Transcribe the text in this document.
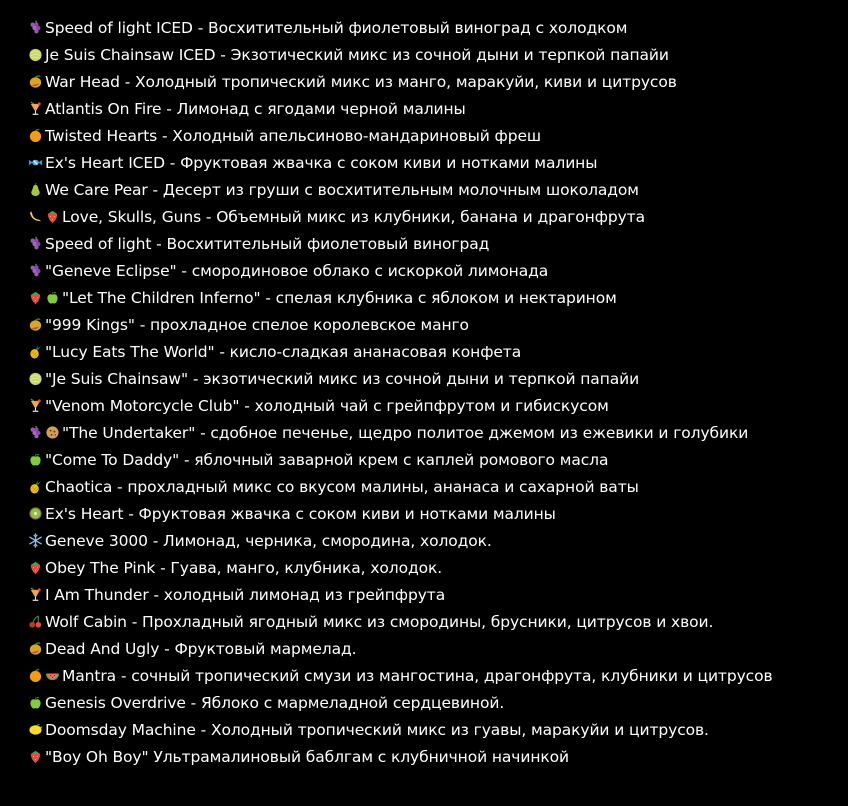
Speed of light ICED - Восхитительный фиолетовый виноград с холодком
Je Suis Chainsaw ICED - Экзотический микс из сочной дыни и терпкой папайи
War Head - Холодный тропический микс из манго, маракуйи, киви и цитрусов
Atlantis On Fire - Лимонад с ягодами черной малины
Twisted Hearts - Холодный апельсиново-мандариновый фреш
Ex's Heart ICED - Фруктовая жвачка с соком киви и нотками малины
We Care Pear - Десерт из груши с восхитительным молочным шоколадом
Love, Skulls, Guns - Объемный микс из клубники, банана и драгонфрута
Speed of light - Восхитительный фиолетовый виноград
"Geneve Eclipse" - смородиновое облако с искоркой лимонада
"Let The Children Inferno" - спелая клубника с яблоком и нектарином
"999 Kings" - прохладное спелое королевское манго
"Lucy Eats The World" - кисло-сладкая ананасовая конфета
"Je Suis Chainsaw" - экзотический микс из сочной дыни и терпкой папайи
"Venom Motorcycle Club" - холодный чай с грейпфрутом и гибискусом
"The Undertaker" - сдобное печенье, щедро политое джемом из ежевики и голубики
"Come To Daddy" - яблочный заварной крем с каплей ромового масла
Chaotica - прохладный микс со вкусом малины, ананаса и сахарной ваты
Ex's Heart - Фруктовая жвачка с соком киви и нотками малины
Geneve 3000 - Лимонад, черника, смородина, холодок.
Obey The Pink - Гуава, манго, клубника, холодок.
I Am Thunder - холодный лимонад из грейпфрута
Wolf Cabin - Прохладный ягодный микс из смородины, брусники, цитрусов и хвои.
Dead And Ugly - Фруктовый мармелад.
Mantra - сочный тропический смузи из мангостина, драгонфрута, клубники и цитрусов
Genesis Overdrive - Яблоко с мармеладной сердцевиной.
Doomsday Machine - Холодный тропический микс из гуавы, маракуйи и цитрусов.
"Boy Oh Boy" Ультрамалиновый баблгам с клубничной начинкой
